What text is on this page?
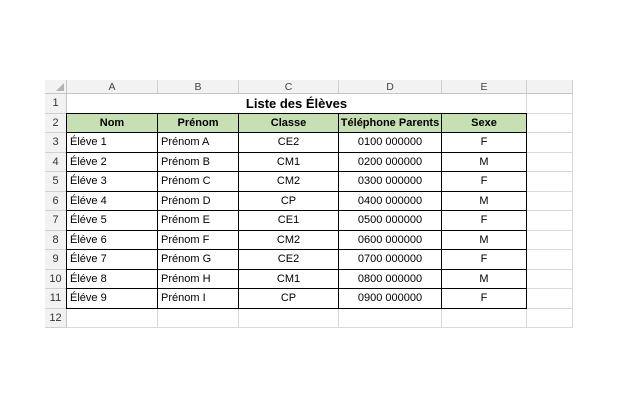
A	B	C	D	E
1	Liste des Élèves
2	Nom	Prénom	Classe	Téléphone Parents	Sexe
3	Éléve 1	Prénom A	CE2	0100 000000	F
4	Éléve 2	Prénom B	CM1	0200 000000	M
5	Éléve 3	Prénom C	CM2	0300 000000	F
6	Éléve 4	Prénom D	CP	0400 000000	M
7	Éléve 5	Prénom E	CE1	0500 000000	F
8	Éléve 6	Prénom F	CM2	0600 000000	M
9	Éléve 7	Prénom G	CE2	0700 000000	F
10 Éléve 8	Prénom H	CM1	0800 000000	M
11 Éléve 9	Prénom I	CP	0900 000000	F
12
